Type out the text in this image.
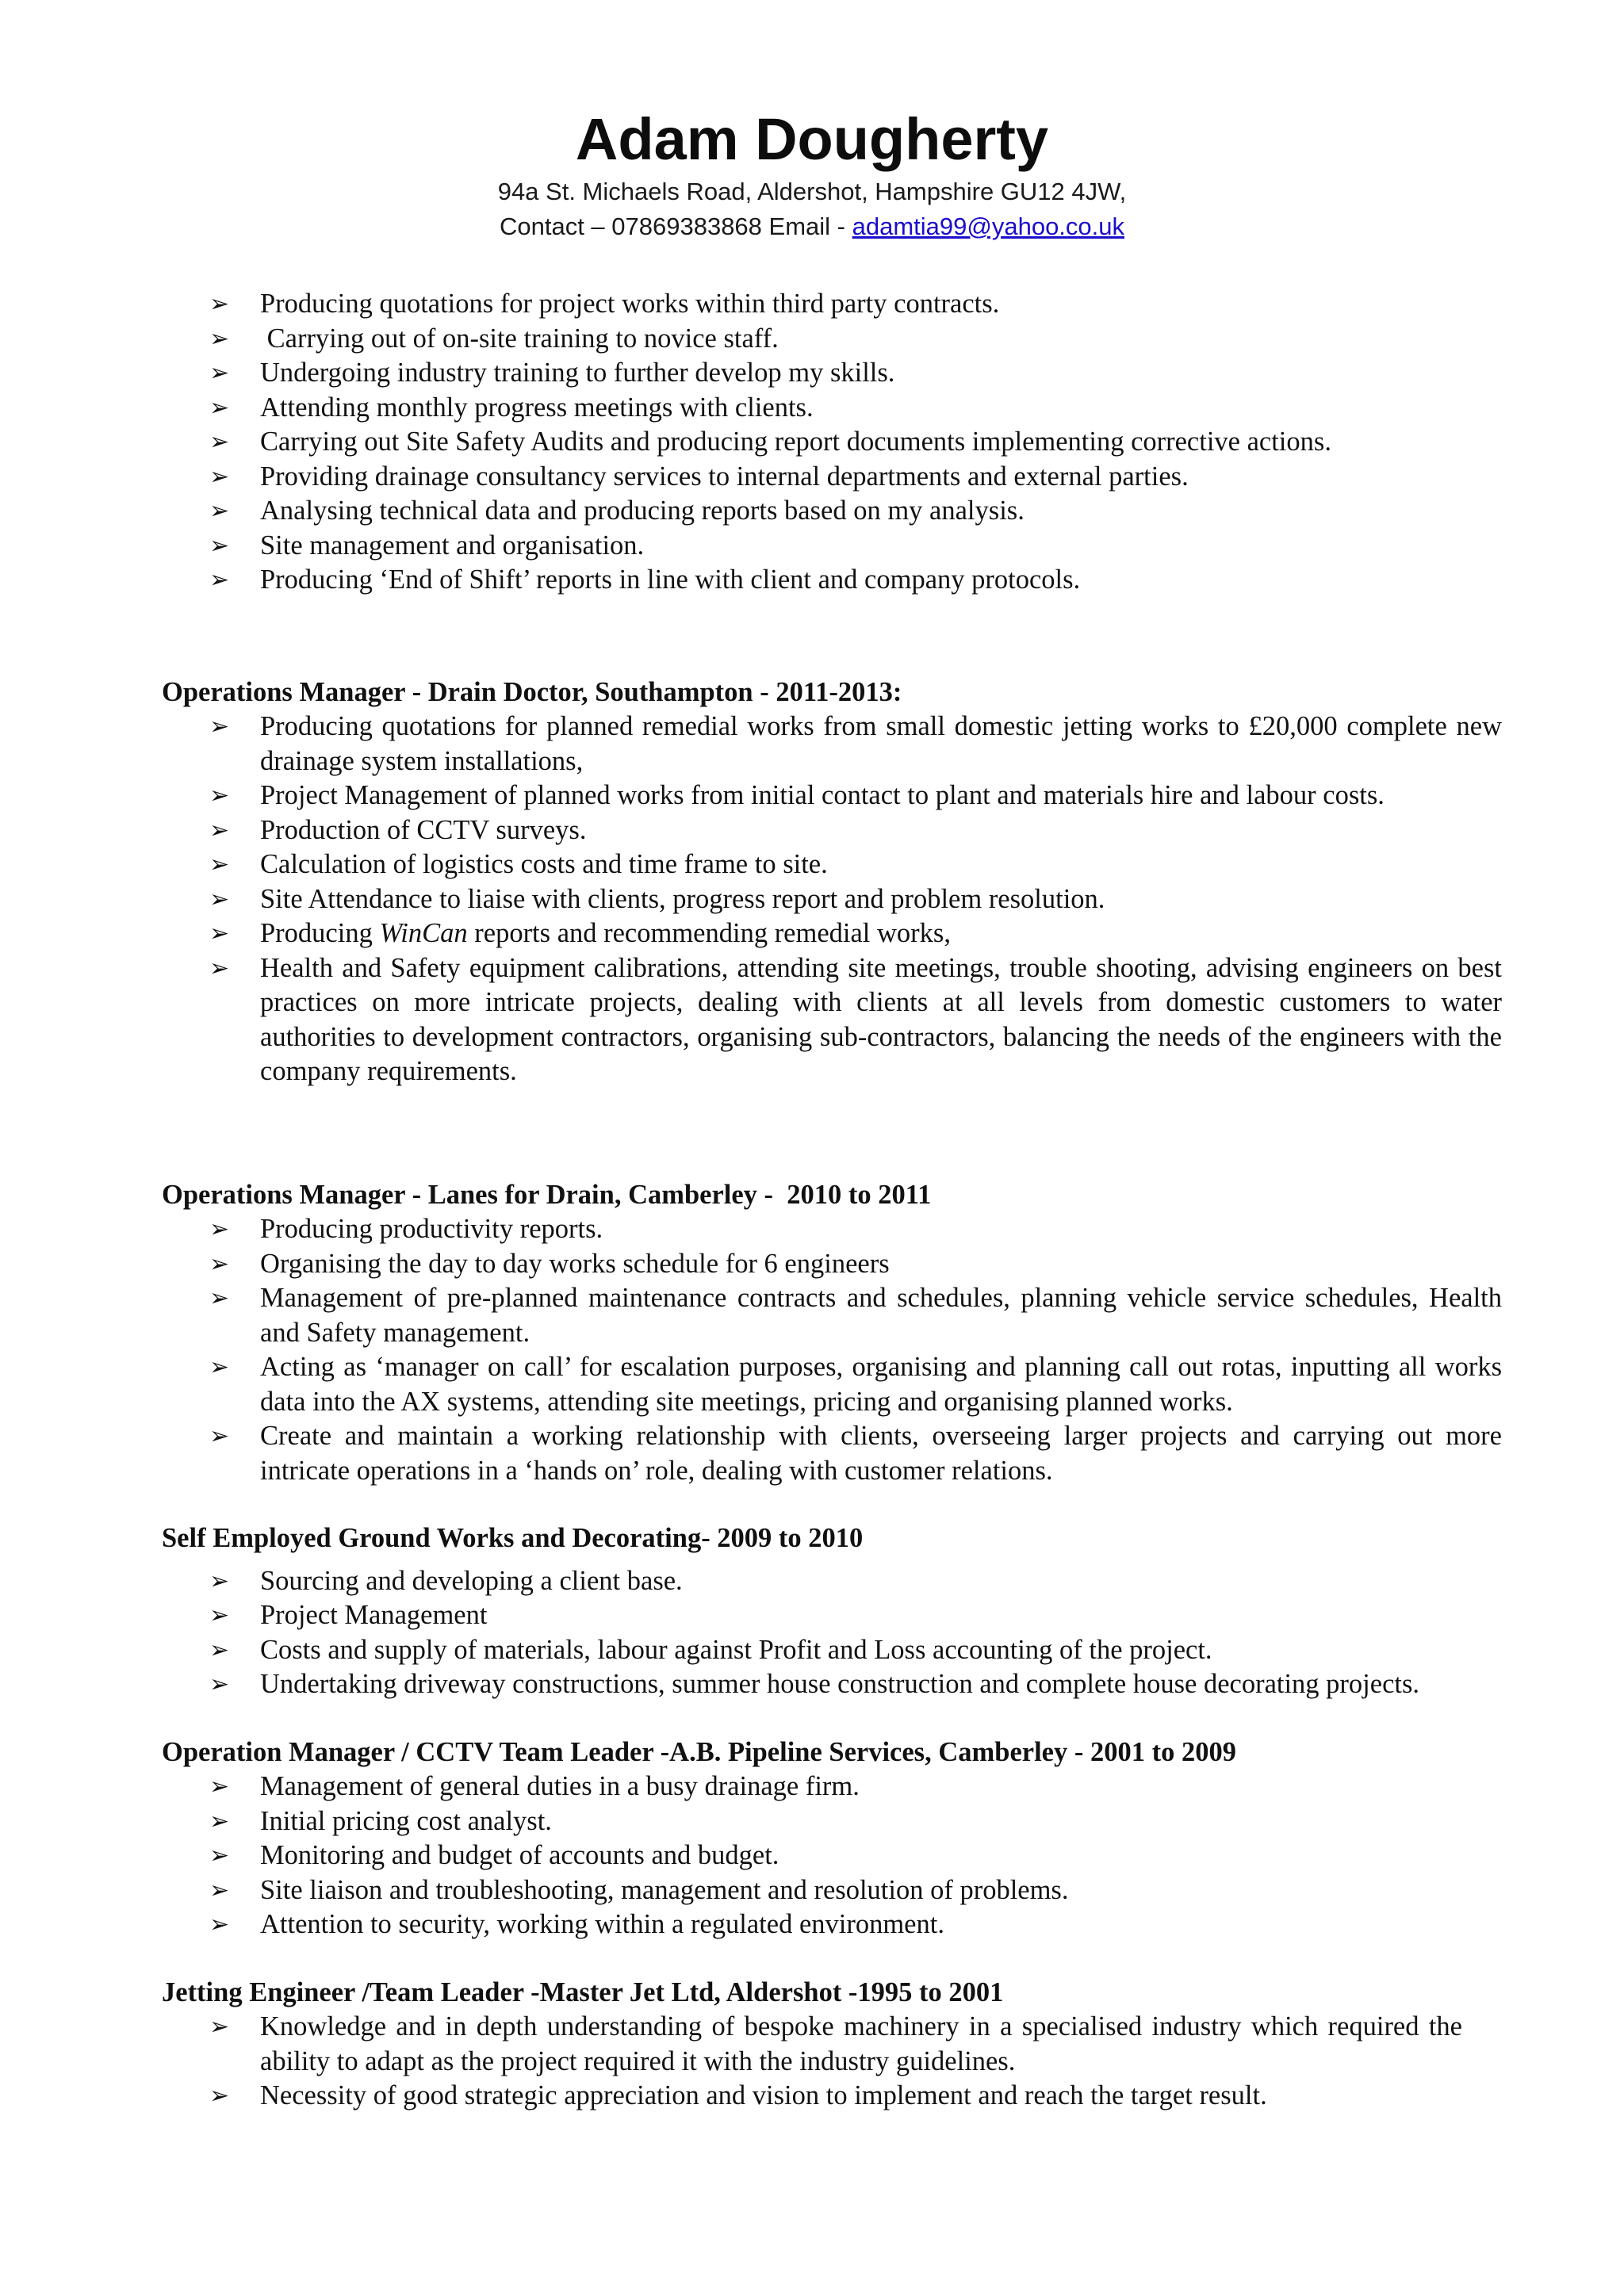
Adam Dougherty

94a St. Michaels Road, Aldershot, Hampshire GU12 4JW,

Contact – 07869383868 Email - adamtia99@yahoo.co.uk

➢ Producing quotations for project works within third party contracts.
➢ Carrying out of on-site training to novice staff.
➢ Undergoing industry training to further develop my skills.
➢ Attending monthly progress meetings with clients.
➢ Carrying out Site Safety Audits and producing report documents implementing corrective actions.
➢ Providing drainage consultancy services to internal departments and external parties.
➢ Analysing technical data and producing reports based on my analysis.
➢ Site management and organisation.
➢ Producing ‘End of Shift’ reports in line with client and company protocols.

Operations Manager - Drain Doctor, Southampton - 2011-2013:

➢ Producing quotations for planned remedial works from small domestic jetting works to £20,000 complete new drainage system installations,
➢ Project Management of planned works from initial contact to plant and materials hire and labour costs.
➢ Production of CCTV surveys.
➢ Calculation of logistics costs and time frame to site.
➢ Site Attendance to liaise with clients, progress report and problem resolution.
➢ Producing WinCan reports and recommending remedial works,
➢ Health and Safety equipment calibrations, attending site meetings, trouble shooting, advising engineers on best practices on more intricate projects, dealing with clients at all levels from domestic customers to water authorities to development contractors, organising sub-contractors, balancing the needs of the engineers with the company requirements.

Operations Manager - Lanes for Drain, Camberley -  2010 to 2011

➢ Producing productivity reports.
➢ Organising the day to day works schedule for 6 engineers
➢ Management of pre-planned maintenance contracts and schedules, planning vehicle service schedules, Health and Safety management.
➢ Acting as ‘manager on call’ for escalation purposes, organising and planning call out rotas, inputting all works data into the AX systems, attending site meetings, pricing and organising planned works.
➢ Create and maintain a working relationship with clients, overseeing larger projects and carrying out more intricate operations in a ‘hands on’ role, dealing with customer relations.

Self Employed Ground Works and Decorating- 2009 to 2010

➢ Sourcing and developing a client base.
➢ Project Management
➢ Costs and supply of materials, labour against Profit and Loss accounting of the project.
➢ Undertaking driveway constructions, summer house construction and complete house decorating projects.

Operation Manager / CCTV Team Leader -A.B. Pipeline Services, Camberley - 2001 to 2009

➢ Management of general duties in a busy drainage firm.
➢ Initial pricing cost analyst.
➢ Monitoring and budget of accounts and budget.
➢ Site liaison and troubleshooting, management and resolution of problems.
➢ Attention to security, working within a regulated environment.

Jetting Engineer /Team Leader -Master Jet Ltd, Aldershot -1995 to 2001

➢ Knowledge and in depth understanding of bespoke machinery in a specialised industry which required the ability to adapt as the project required it with the industry guidelines.
➢ Necessity of good strategic appreciation and vision to implement and reach the target result.
